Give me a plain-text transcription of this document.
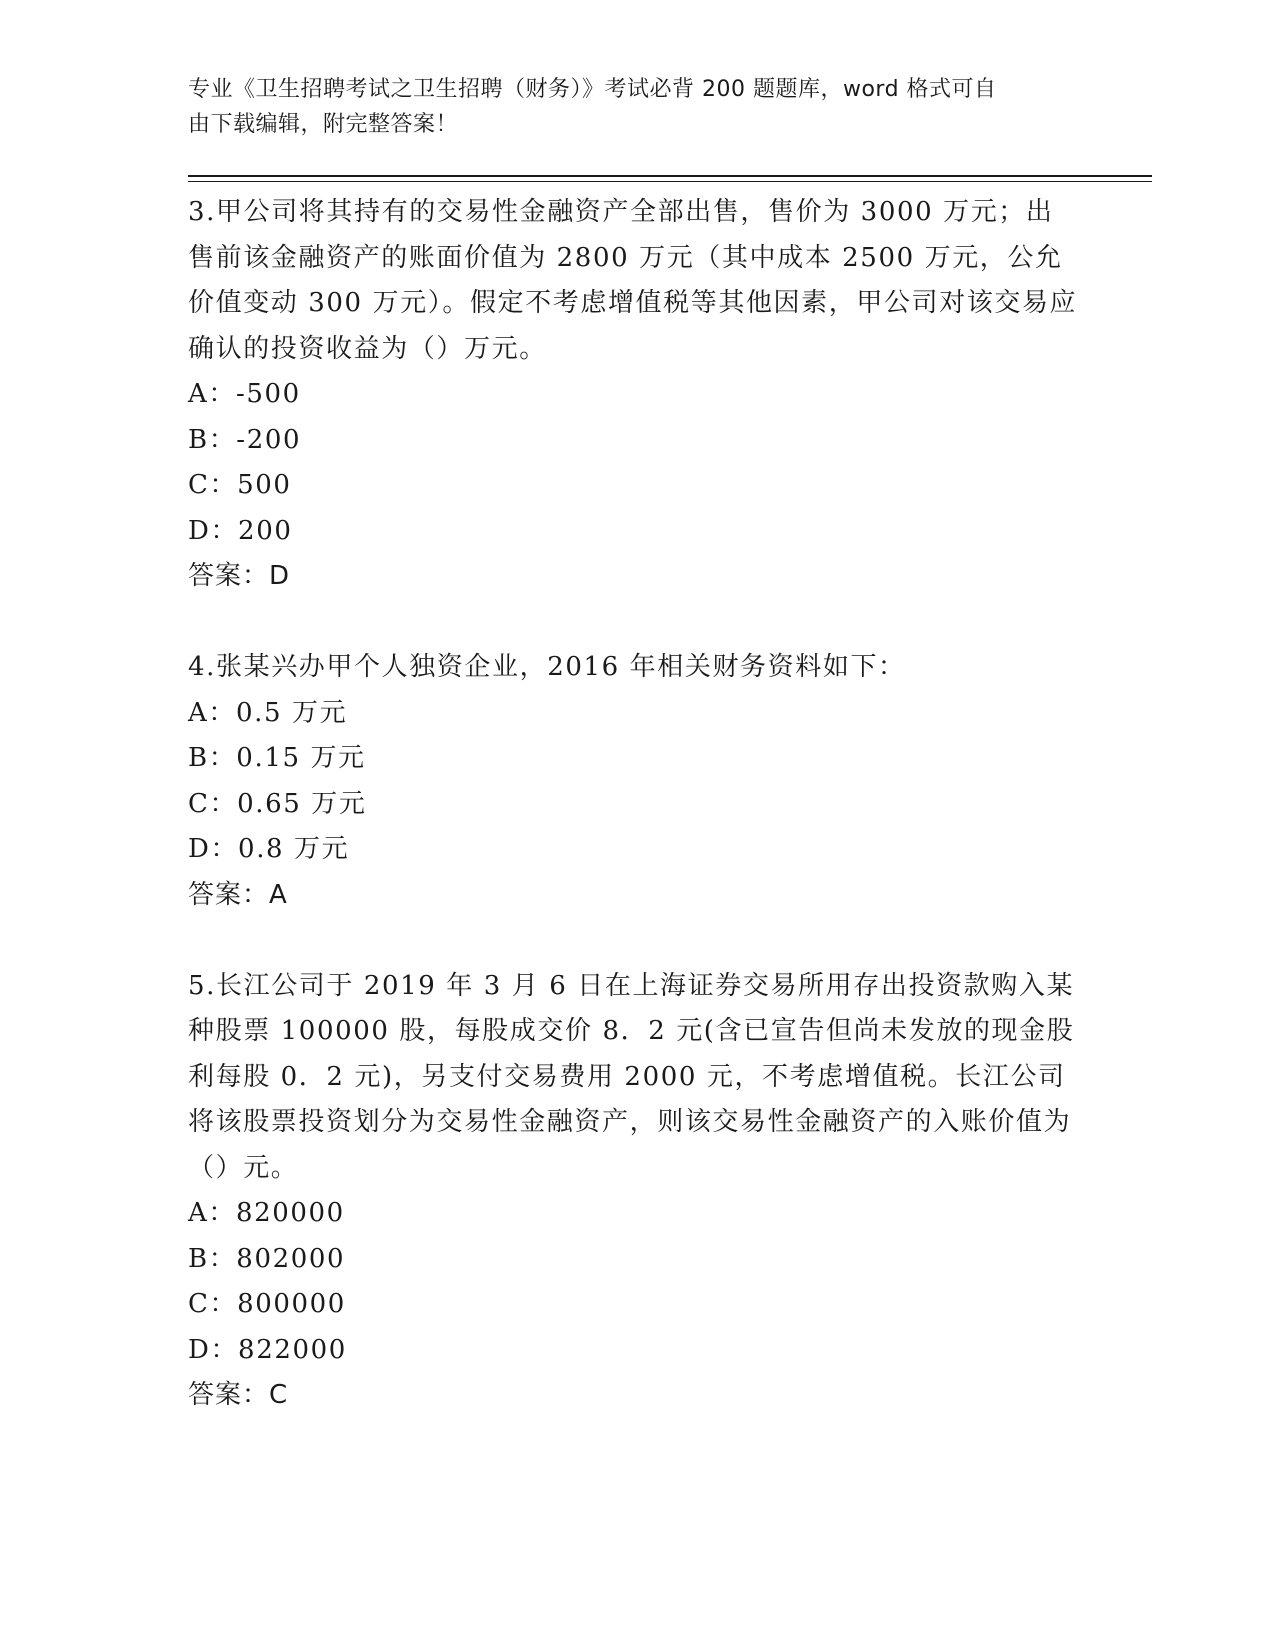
专业《卫生招聘考试之卫生招聘（财务）》考试必背 200 题题库，word 格式可自
由下载编辑，附完整答案！

3.甲公司将其持有的交易性金融资产全部出售，售价为 3000 万元；出售前该金融资产的账面价值为 2800 万元（其中成本 2500 万元，公允价值变动 300 万元）。假定不考虑增值税等其他因素，甲公司对该交易应确认的投资收益为（）万元。

A：-500

B：-200

C：500

D：200

答案：D

4.张某兴办甲个人独资企业，2016 年相关财务资料如下：

A：0.5 万元

B：0.15 万元

C：0.65 万元

D：0.8 万元

答案：A

5.长江公司于 2019 年 3 月 6 日在上海证券交易所用存出投资款购入某种股票 100000 股，每股成交价 8．2 元(含已宣告但尚未发放的现金股利每股 0．2 元)，另支付交易费用 2000 元，不考虑增值税。长江公司将该股票投资划分为交易性金融资产，则该交易性金融资产的入账价值为（）元。

A：820000

B：802000

C：800000

D：822000

答案：C
